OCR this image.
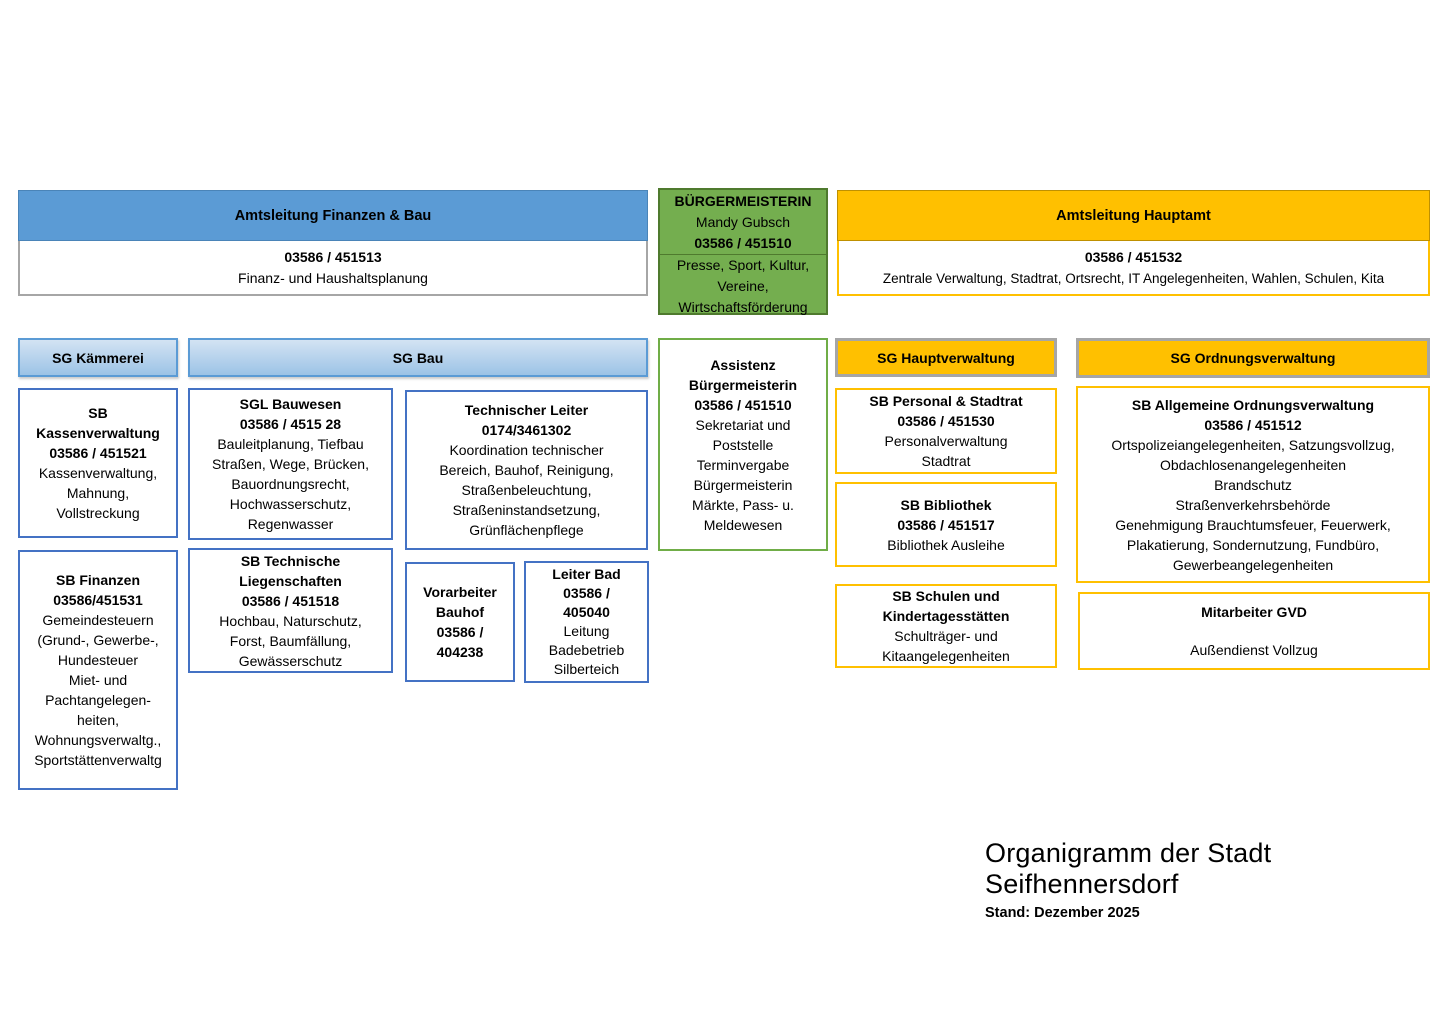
Amtsleitung Finanzen & Bau
03586 / 451513
Finanz- und Haushaltsplanung
BÜRGERMEISTERIN
Mandy Gubsch
03586 / 451510
Presse, Sport, Kultur,
Vereine,
Wirtschaftsförderung
Amtsleitung Hauptamt
03586 / 451532
Zentrale Verwaltung, Stadtrat, Ortsrecht, IT Angelegenheiten, Wahlen, Schulen, Kita
SG Kämmerei	SG Bau	SG Hauptverwaltung	SG Ordnungsverwaltung
Assistenz
Bürgermeisterin
03586 / 451510
Sekretariat und
Poststelle
Terminvergabe
Bürgermeisterin
Märkte, Pass- u.
Meldewesen
SB
Kassenverwaltung
03586 / 451521
Kassenverwaltung,
Mahnung,
Vollstreckung
SB Finanzen
03586/451531
Gemeindesteuern
(Grund-, Gewerbe-,
Hundesteuer
Miet- und
Pachtangelegen-
heiten,
Wohnungsverwaltg.,
Sportstättenverwaltg
SGL Bauwesen
03586 / 4515 28
Bauleitplanung, Tiefbau
Straßen, Wege, Brücken,
Bauordnungsrecht,
Hochwasserschutz,
Regenwasser
SB Technische
Liegenschaften
03586 / 451518
Hochbau, Naturschutz,
Forst, Baumfällung,
Gewässerschutz
Technischer Leiter
0174/3461302
Koordination technischer
Bereich, Bauhof, Reinigung,
Straßenbeleuchtung,
Straßeninstandsetzung,
Grünflächenpflege
Vorarbeiter
Bauhof
03586 /
404238
Leiter Bad
03586 /
405040
Leitung
Badebetrieb
Silberteich
SB Personal & Stadtrat
03586 / 451530
Personalverwaltung
Stadtrat
SB Bibliothek
03586 / 451517
Bibliothek Ausleihe
SB Schulen und
Kindertagesstätten
Schulträger- und
Kitaangelegenheiten
SB Allgemeine Ordnungsverwaltung
03586 / 451512
Ortspolizeiangelegenheiten, Satzungsvollzug,
Obdachlosenangelegenheiten
Brandschutz
Straßenverkehrsbehörde
Genehmigung Brauchtumsfeuer, Feuerwerk,
Plakatierung, Sondernutzung, Fundbüro,
Gewerbeangelegenheiten
Mitarbeiter GVD
Außendienst Vollzug
Organigramm der Stadt Seifhennersdorf
Stand: Dezember 2025
